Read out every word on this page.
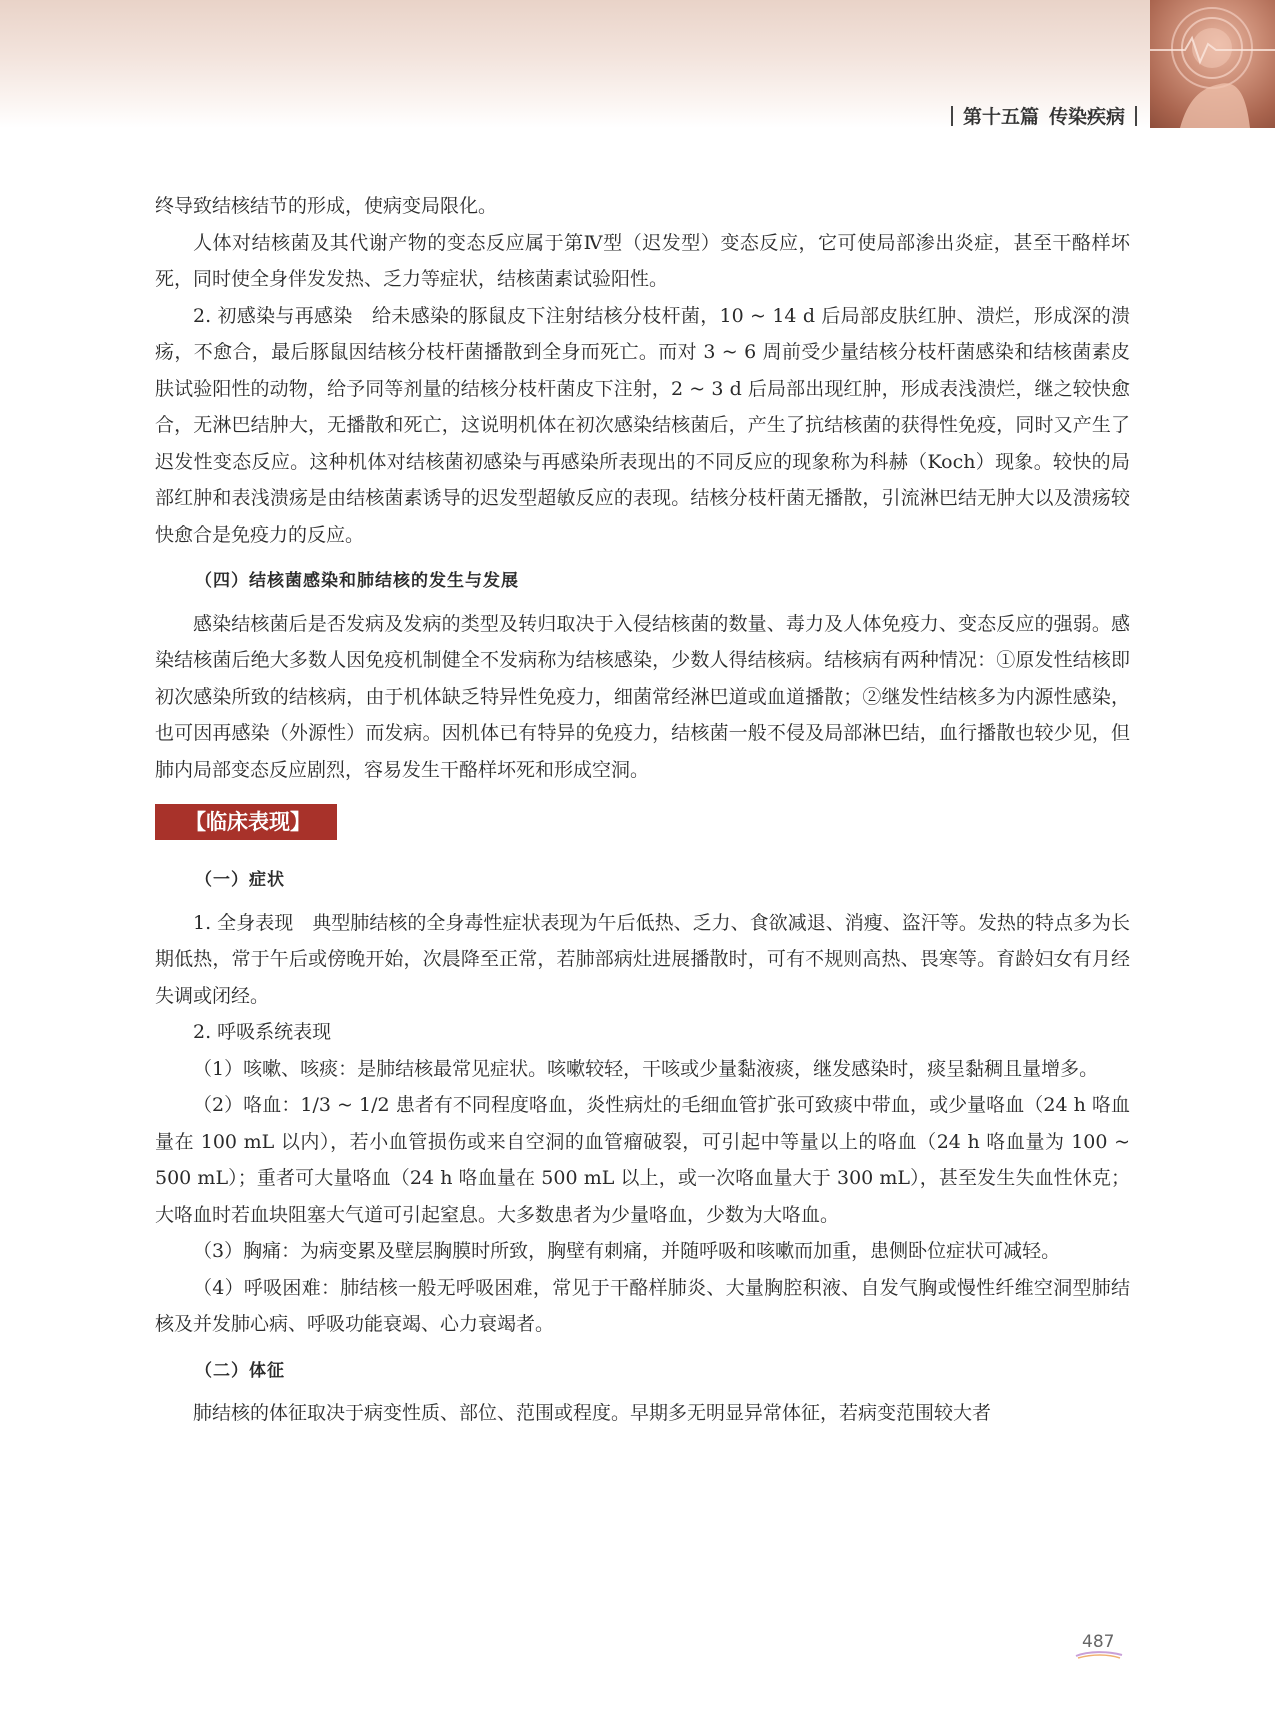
第十五篇 传染疾病

终导致结核结节的形成，使病变局限化。

人体对结核菌及其代谢产物的变态反应属于第Ⅳ型（迟发型）变态反应，它可使局部渗出炎症，甚至干酪样坏死，同时使全身伴发发热、乏力等症状，结核菌素试验阳性。

2. 初感染与再感染　给未感染的豚鼠皮下注射结核分枝杆菌，10 ~ 14 d 后局部皮肤红肿、溃烂，形成深的溃疡，不愈合，最后豚鼠因结核分枝杆菌播散到全身而死亡。而对 3 ~ 6 周前受少量结核分枝杆菌感染和结核菌素皮肤试验阳性的动物，给予同等剂量的结核分枝杆菌皮下注射，2 ~ 3 d 后局部出现红肿，形成表浅溃烂，继之较快愈合，无淋巴结肿大，无播散和死亡，这说明机体在初次感染结核菌后，产生了抗结核菌的获得性免疫，同时又产生了迟发性变态反应。这种机体对结核菌初感染与再感染所表现出的不同反应的现象称为科赫（Koch）现象。较快的局部红肿和表浅溃疡是由结核菌素诱导的迟发型超敏反应的表现。结核分枝杆菌无播散，引流淋巴结无肿大以及溃疡较快愈合是免疫力的反应。

（四）结核菌感染和肺结核的发生与发展

感染结核菌后是否发病及发病的类型及转归取决于入侵结核菌的数量、毒力及人体免疫力、变态反应的强弱。感染结核菌后绝大多数人因免疫机制健全不发病称为结核感染，少数人得结核病。结核病有两种情况：①原发性结核即初次感染所致的结核病，由于机体缺乏特异性免疫力，细菌常经淋巴道或血道播散；②继发性结核多为内源性感染，也可因再感染（外源性）而发病。因机体已有特异的免疫力，结核菌一般不侵及局部淋巴结，血行播散也较少见，但肺内局部变态反应剧烈，容易发生干酪样坏死和形成空洞。

【临床表现】
（一）症状

1. 全身表现　典型肺结核的全身毒性症状表现为午后低热、乏力、食欲减退、消瘦、盗汗等。发热的特点多为长期低热，常于午后或傍晚开始，次晨降至正常，若肺部病灶进展播散时，可有不规则高热、畏寒等。育龄妇女有月经失调或闭经。

2. 呼吸系统表现

（1）咳嗽、咳痰：是肺结核最常见症状。咳嗽较轻，干咳或少量黏液痰，继发感染时，痰呈黏稠且量增多。

（2）咯血：1/3 ~ 1/2 患者有不同程度咯血，炎性病灶的毛细血管扩张可致痰中带血，或少量咯血（24 h 咯血量在 100 mL 以内），若小血管损伤或来自空洞的血管瘤破裂，可引起中等量以上的咯血（24 h 咯血量为 100 ~ 500 mL）；重者可大量咯血（24 h 咯血量在 500 mL 以上，或一次咯血量大于 300 mL），甚至发生失血性休克；大咯血时若血块阻塞大气道可引起窒息。大多数患者为少量咯血，少数为大咯血。

（3）胸痛：为病变累及壁层胸膜时所致，胸壁有刺痛，并随呼吸和咳嗽而加重，患侧卧位症状可减轻。

（4）呼吸困难：肺结核一般无呼吸困难，常见于干酪样肺炎、大量胸腔积液、自发气胸或慢性纤维空洞型肺结核及并发肺心病、呼吸功能衰竭、心力衰竭者。

（二）体征

肺结核的体征取决于病变性质、部位、范围或程度。早期多无明显异常体征，若病变范围较大者

487
